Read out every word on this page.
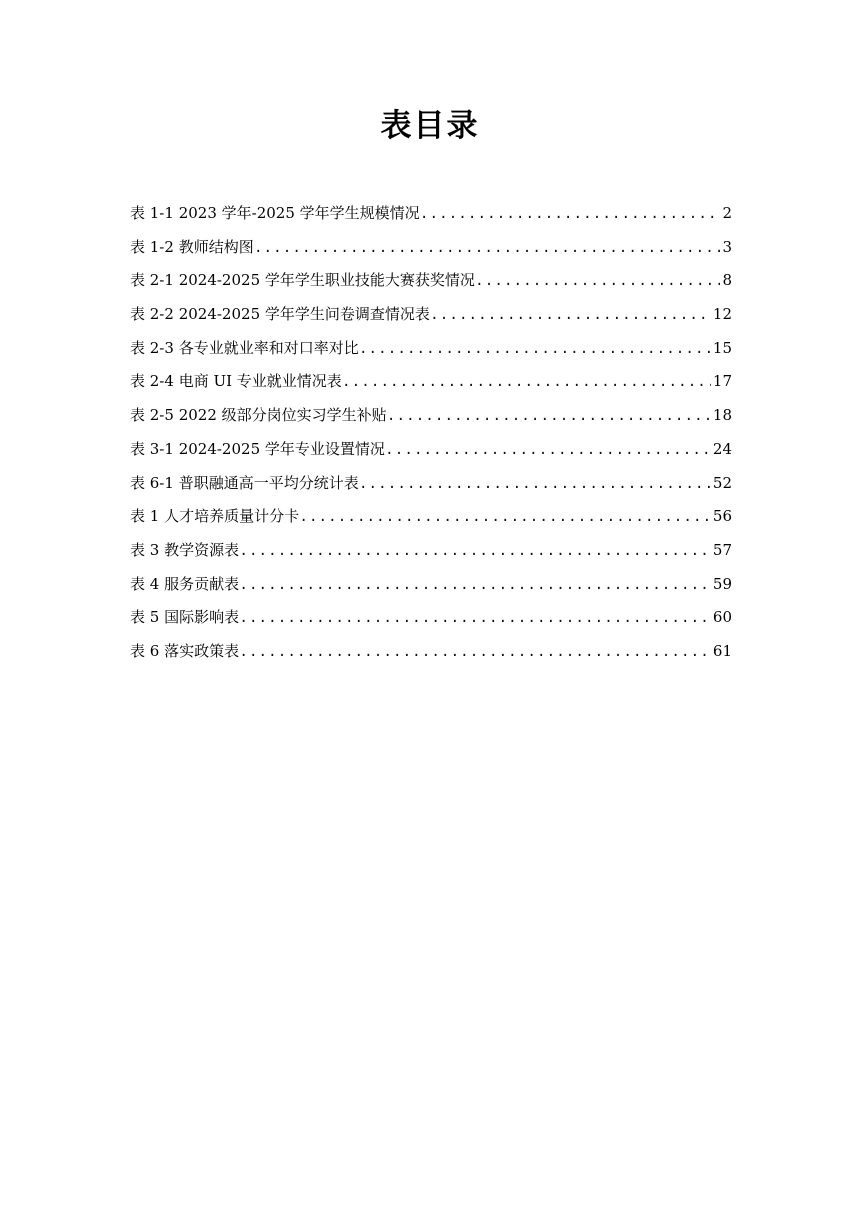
表目录
表 1-1 2023 学年-2025 学年学生规模情况 .....	2
表 1-2 教师结构图 .....	3
表 2-1 2024-2025 学年学生职业技能大赛获奖情况 .....	8
表 2-2 2024-2025 学年学生问卷调查情况表 .....	12
表 2-3 各专业就业率和对口率对比 .....	15
表 2-4 电商 UI 专业就业情况表 .....	17
表 2-5 2022 级部分岗位实习学生补贴 .....	18
表 3-1 2024-2025 学年专业设置情况 .....	24
表 6-1 普职融通高一平均分统计表 .....	52
表 1 人才培养质量计分卡 .....	56
表 3 教学资源表 .....	57
表 4 服务贡献表 .....	59
表 5 国际影响表 .....	60
表 6 落实政策表 .....	61
